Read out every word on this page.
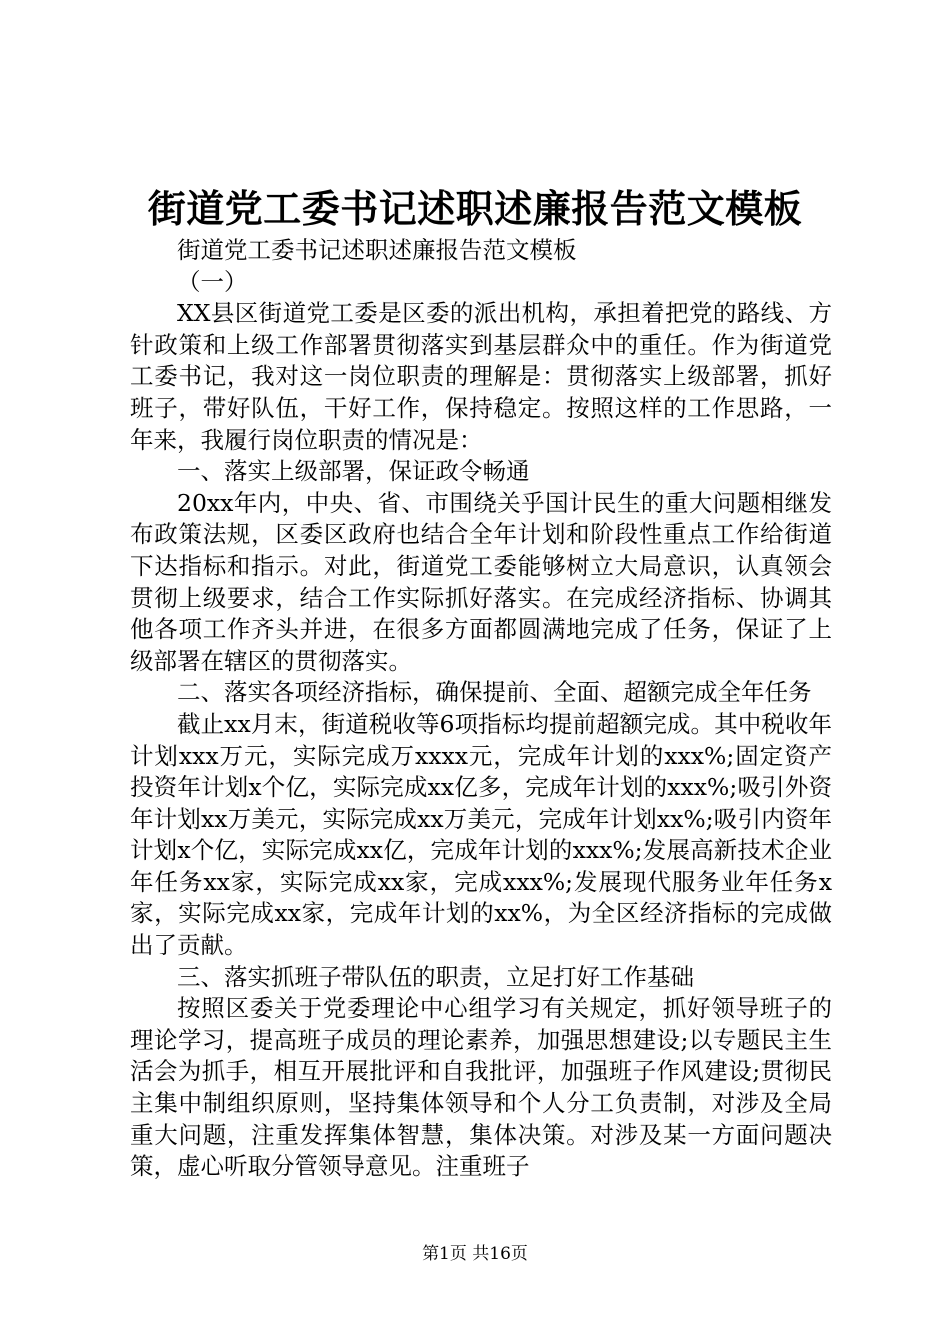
街道党工委书记述职述廉报告范文模板

街道党工委书记述职述廉报告范文模板

（一）

XX县区街道党工委是区委的派出机构，承担着把党的路线、方针政策和上级工作部署贯彻落实到基层群众中的重任。作为街道党工委书记，我对这一岗位职责的理解是：贯彻落实上级部署，抓好班子，带好队伍，干好工作，保持稳定。按照这样的工作思路，一年来，我履行岗位职责的情况是：

一、落实上级部署，保证政令畅通

20xx年内，中央、省、市围绕关乎国计民生的重大问题相继发布政策法规，区委区政府也结合全年计划和阶段性重点工作给街道下达指标和指示。对此，街道党工委能够树立大局意识，认真领会贯彻上级要求，结合工作实际抓好落实。在完成经济指标、协调其他各项工作齐头并进，在很多方面都圆满地完成了任务，保证了上级部署在辖区的贯彻落实。

二、落实各项经济指标，确保提前、全面、超额完成全年任务

截止xx月末，街道税收等6项指标均提前超额完成。其中税收年计划xxx万元，实际完成万xxxx元，完成年计划的xxx%;固定资产投资年计划x个亿，实际完成xx亿多，完成年计划的xxx%;吸引外资年计划xx万美元，实际完成xx万美元，完成年计划xx%;吸引内资年计划x个亿，实际完成xx亿，完成年计划的xxx%;发展高新技术企业年任务xx家，实际完成xx家，完成xxx%;发展现代服务业年任务x家，实际完成xx家，完成年计划的xx%，为全区经济指标的完成做出了贡献。

三、落实抓班子带队伍的职责，立足打好工作基础

按照区委关于党委理论中心组学习有关规定，抓好领导班子的理论学习，提高班子成员的理论素养，加强思想建设;以专题民主生活会为抓手，相互开展批评和自我批评，加强班子作风建设;贯彻民主集中制组织原则，坚持集体领导和个人分工负责制，对涉及全局重大问题，注重发挥集体智慧，集体决策。对涉及某一方面问题决策，虚心听取分管领导意见。注重班子

第1页 共16页
